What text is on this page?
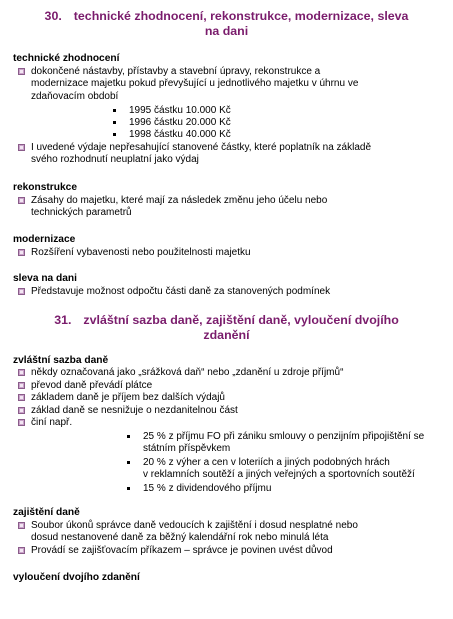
30. technické zhodnocení, rekonstrukce, modernizace, sleva
na dani
technické zhodnocení
dokončené nástavby, přístavby a stavební úpravy, rekonstrukce a
modernizace majetku pokud převyšující u jednotlivého majetku v úhrnu ve
zdaňovacím období
1995 částku 10.000 Kč
1996 částku 20.000 Kč
1998 částku 40.000 Kč
I uvedené výdaje nepřesahující stanovené částky, které poplatník na základě
svého rozhodnutí neuplatní jako výdaj
rekonstrukce
Zásahy do majetku, které mají za následek změnu jeho účelu nebo
technických parametrů
modernizace
Rozšíření vybavenosti nebo použitelnosti majetku
sleva na dani
Představuje možnost odpočtu části daně za stanovených podmínek
31. zvláštní sazba daně, zajištění daně, vyloučení dvojího
zdanění
zvláštní sazba daně
někdy označovaná jako „srážková daň“ nebo „zdanění u zdroje příjmů“
převod daně převádí plátce
základem daně je příjem bez dalších výdajů
základ daně se nesnižuje o nezdanitelnou část
činí např.
25 % z příjmu FO při zániku smlouvy o penzijním připojištění se
státním příspěvkem
20 % z výher a cen v loteriích a jiných podobných hrách
v reklamních soutěží a jiných veřejných a sportovních soutěží
15 % z dividendového příjmu
zajištění daně
Soubor úkonů správce daně vedoucích k zajištění i dosud nesplatné nebo
dosud nestanovené daně za běžný kalendářní rok nebo minulá léta
Provádí se zajišťovacím příkazem – správce je povinen uvést důvod
vyloučení dvojího zdanění
